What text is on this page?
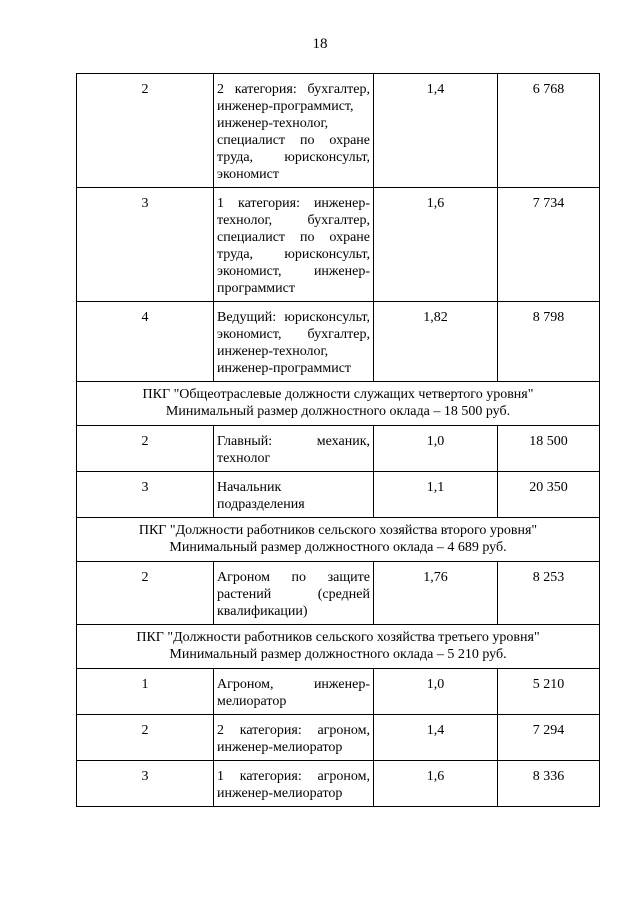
18
2	2 категория: бухгалтер, инженер-программист, инженер-технолог, специалист по охране труда, юрисконсульт, экономист	1,4	6 768
3	1 категория: инженер-технолог, бухгалтер, специалист по охране труда, юрисконсульт, экономист, инженер-программист	1,6	7 734
4	Ведущий: юрисконсульт, экономист, бухгалтер, инженер-технолог, инженер-программист	1,82	8 798

ПКГ "Общеотраслевые должности служащих четвертого уровня"
Минимальный размер должностного оклада – 18 500 руб.			

2	Главный: механик, технолог	1,0	18 500
3	Начальник подразделения	1,1	20 350

ПКГ "Должности работников сельского хозяйства второго уровня"
Минимальный размер должностного оклада – 4 689 руб.			

2	Агроном по защите растений (средней квалификации)	1,76	8 253

ПКГ "Должности работников сельского хозяйства третьего уровня"
Минимальный размер должностного оклада – 5 210 руб.			

1	Агроном, инженер-мелиоратор	1,0	5 210
2	2 категория: агроном, инженер-мелиоратор	1,4	7 294
3	1 категория: агроном, инженер-мелиоратор	1,6	8 336
